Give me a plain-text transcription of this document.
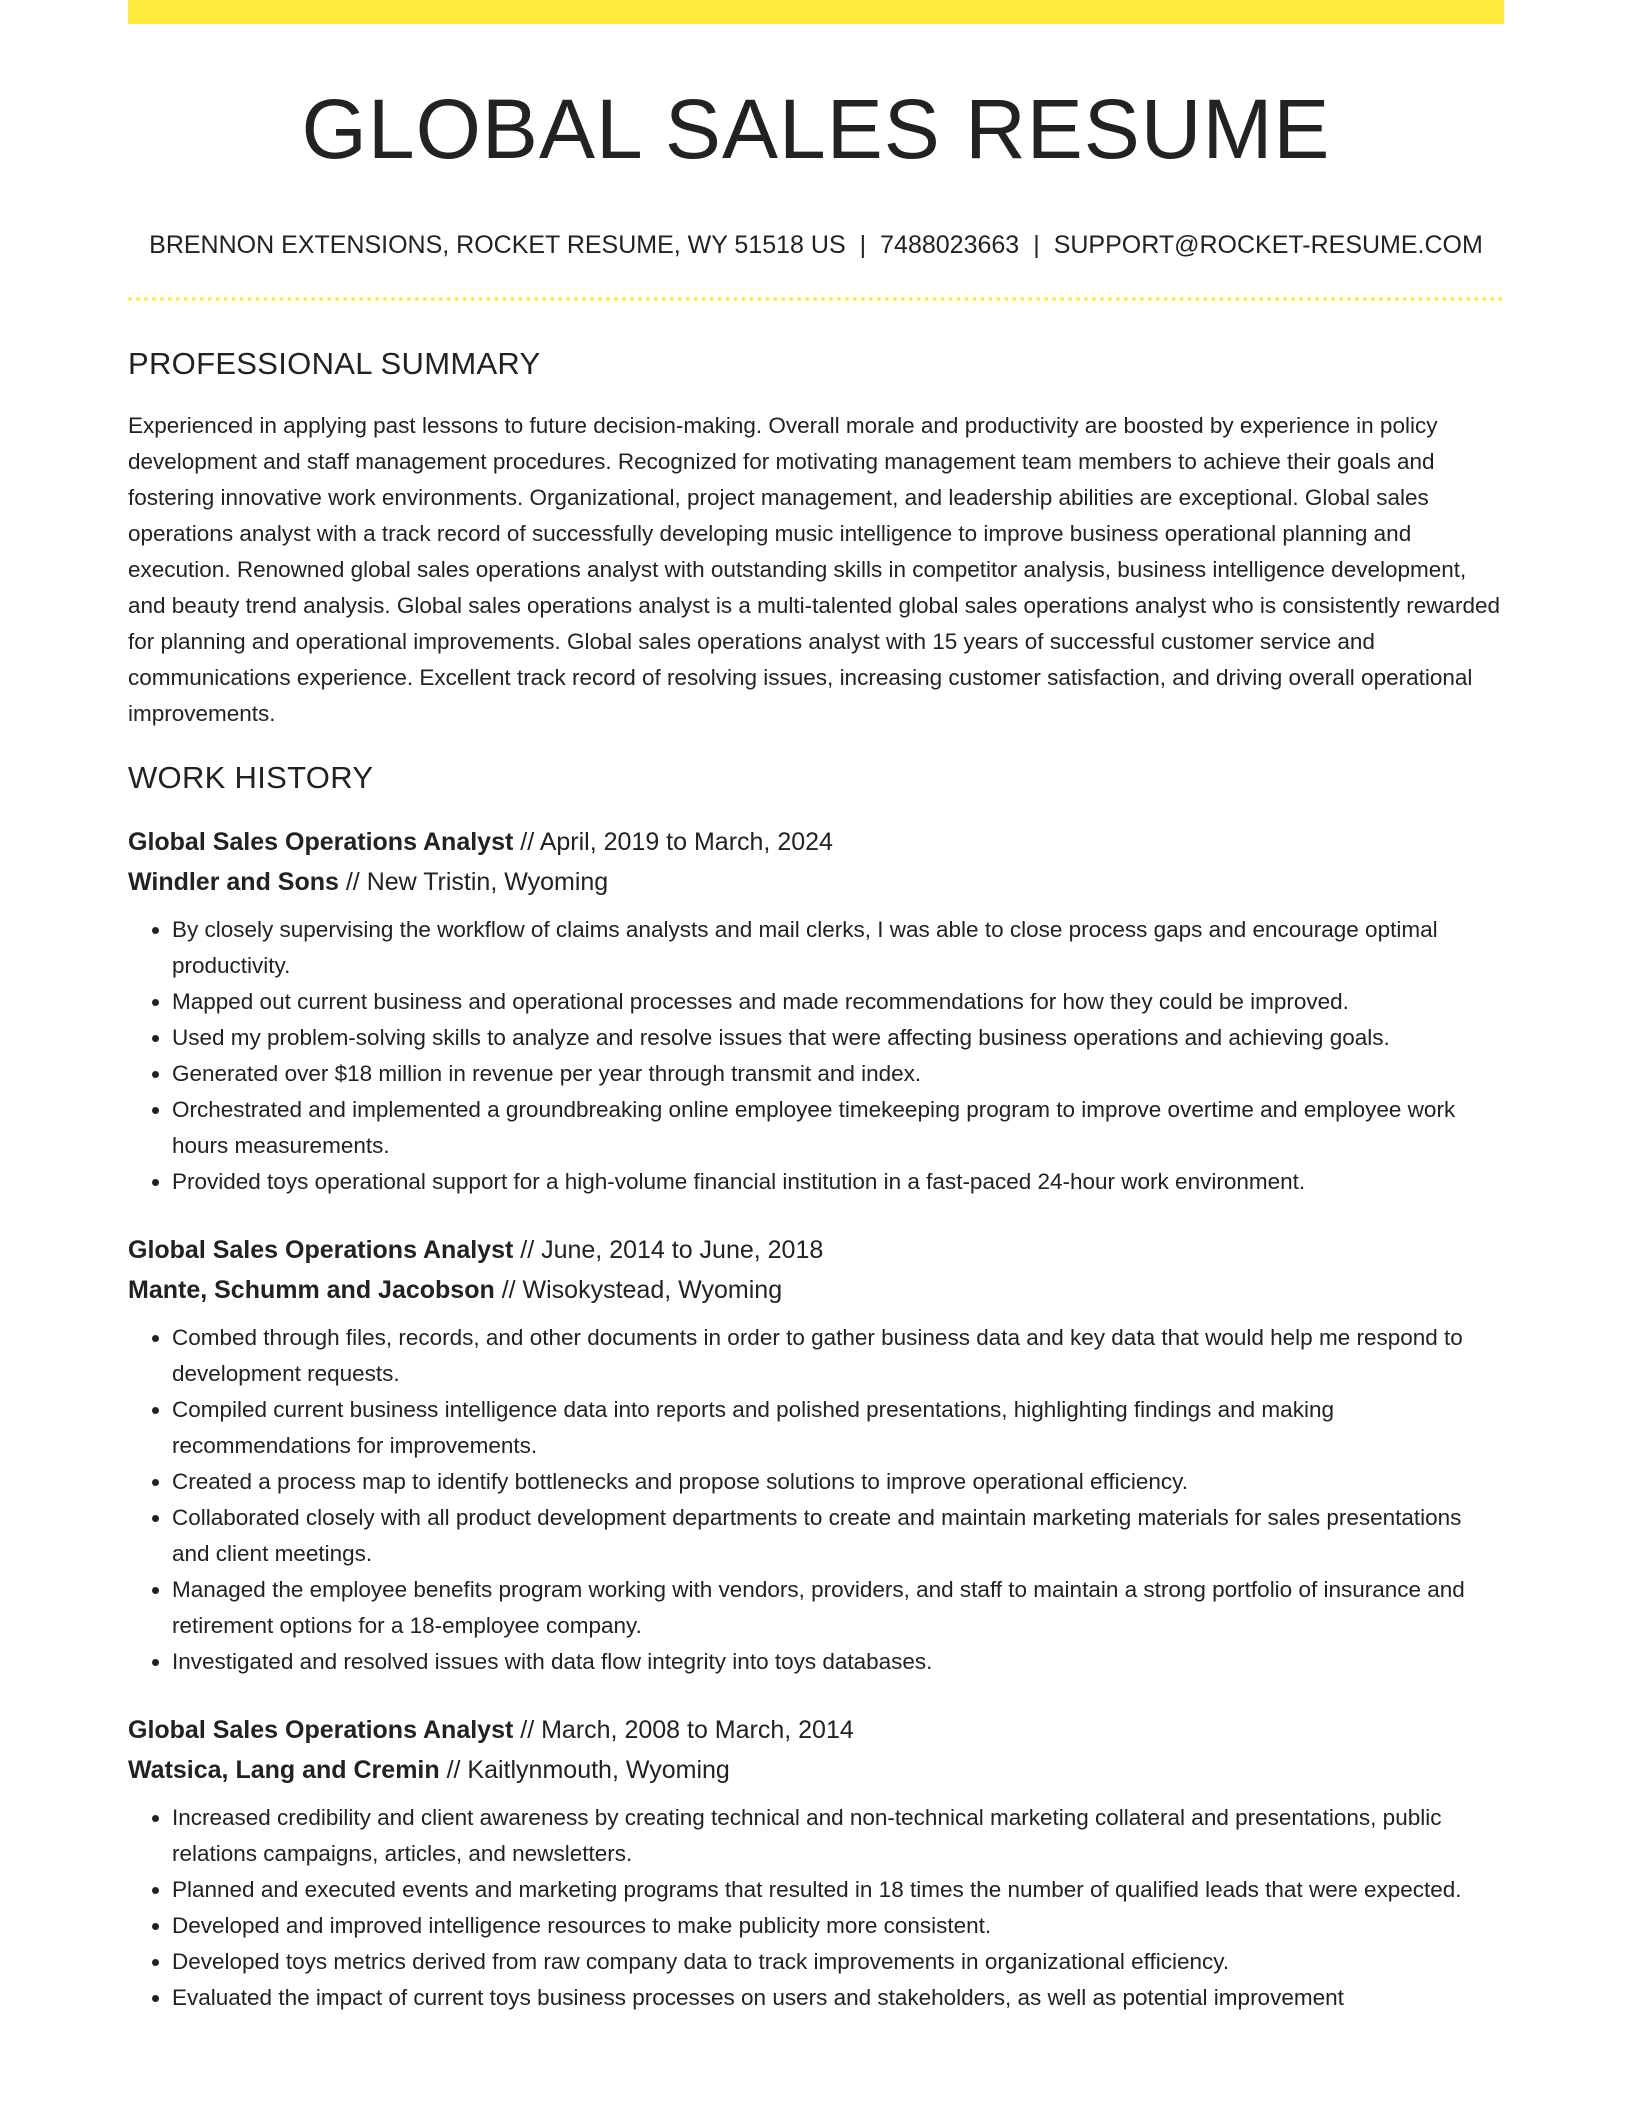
GLOBAL SALES RESUME
BRENNON EXTENSIONS, ROCKET RESUME, WY 51518 US | 7488023663 | SUPPORT@ROCKET-RESUME.COM
PROFESSIONAL SUMMARY

Experienced in applying past lessons to future decision-making. Overall morale and productivity are boosted by experience in policy development and staff management procedures. Recognized for motivating management team members to achieve their goals and fostering innovative work environments. Organizational, project management, and leadership abilities are exceptional. Global sales operations analyst with a track record of successfully developing music intelligence to improve business operational planning and execution. Renowned global sales operations analyst with outstanding skills in competitor analysis, business intelligence development, and beauty trend analysis. Global sales operations analyst is a multi-talented global sales operations analyst who is consistently rewarded for planning and operational improvements. Global sales operations analyst with 15 years of successful customer service and communications experience. Excellent track record of resolving issues, increasing customer satisfaction, and driving overall operational improvements.

WORK HISTORY
Global Sales Operations Analyst // April, 2019 to March, 2024
Windler and Sons // New Tristin, Wyoming
• By closely supervising the workflow of claims analysts and mail clerks, I was able to close process gaps and encourage optimal productivity.
• Mapped out current business and operational processes and made recommendations for how they could be improved.
• Used my problem-solving skills to analyze and resolve issues that were affecting business operations and achieving goals.
• Generated over $18 million in revenue per year through transmit and index.
• Orchestrated and implemented a groundbreaking online employee timekeeping program to improve overtime and employee work hours measurements.
• Provided toys operational support for a high-volume financial institution in a fast-paced 24-hour work environment.
Global Sales Operations Analyst // June, 2014 to June, 2018
Mante, Schumm and Jacobson // Wisokystead, Wyoming
• Combed through files, records, and other documents in order to gather business data and key data that would help me respond to development requests.
• Compiled current business intelligence data into reports and polished presentations, highlighting findings and making recommendations for improvements.
• Created a process map to identify bottlenecks and propose solutions to improve operational efficiency.
• Collaborated closely with all product development departments to create and maintain marketing materials for sales presentations and client meetings.
• Managed the employee benefits program working with vendors, providers, and staff to maintain a strong portfolio of insurance and retirement options for a 18-employee company.
• Investigated and resolved issues with data flow integrity into toys databases.
Global Sales Operations Analyst // March, 2008 to March, 2014
Watsica, Lang and Cremin // Kaitlynmouth, Wyoming
• Increased credibility and client awareness by creating technical and non-technical marketing collateral and presentations, public relations campaigns, articles, and newsletters.
• Planned and executed events and marketing programs that resulted in 18 times the number of qualified leads that were expected.
• Developed and improved intelligence resources to make publicity more consistent.
• Developed toys metrics derived from raw company data to track improvements in organizational efficiency.
• Evaluated the impact of current toys business processes on users and stakeholders, as well as potential improvement
